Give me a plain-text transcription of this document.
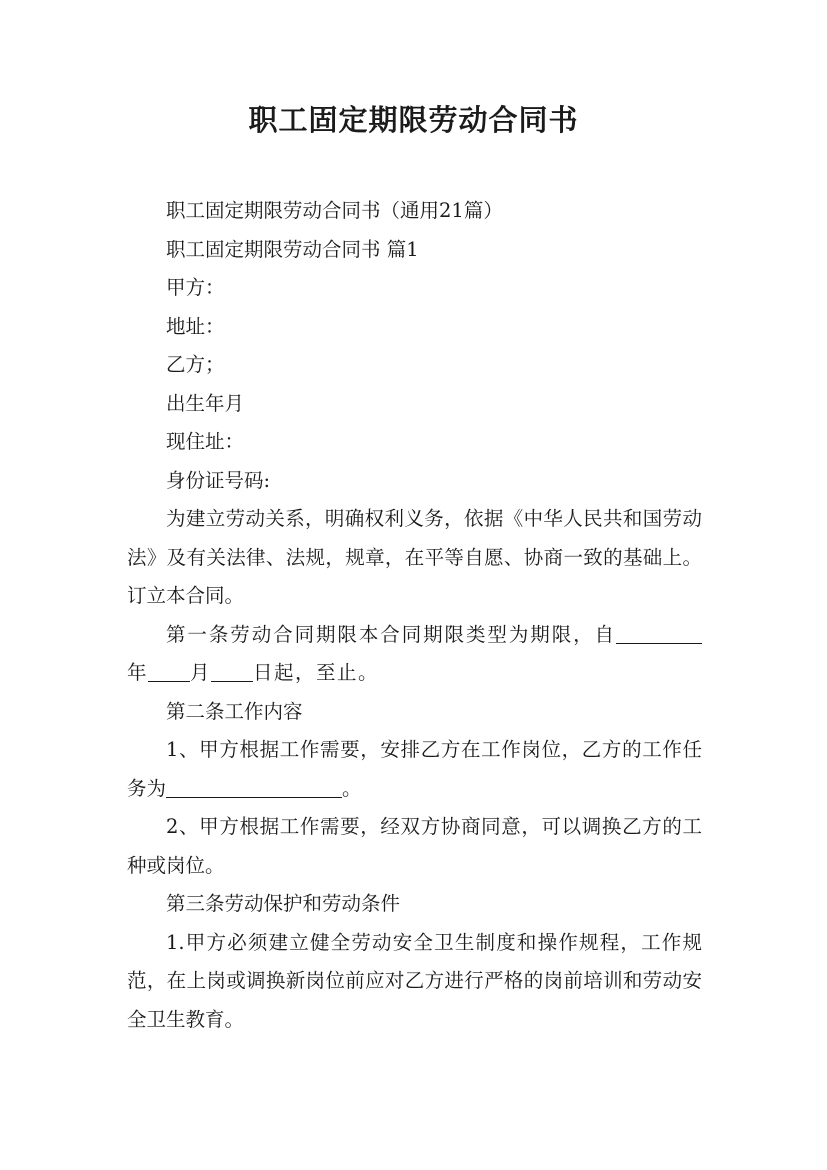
职工固定期限劳动合同书

职工固定期限劳动合同书（通用21篇）

职工固定期限劳动合同书 篇1

甲方：

地址：

乙方；

出生年月

现住址：

身份证号码:

为建立劳动关系，明确权利义务，依据《中华人民共和国劳动法》及有关法律、法规，规章，在平等自愿、协商一致的基础上。订立本合同。

第一条劳动合同期限本合同期限类型为期限，自年 月 日起，至止。

第二条工作内容

1、甲方根据工作需要，安排乙方在工作岗位，乙方的工作任务为	。

2、甲方根据工作需要，经双方协商同意，可以调换乙方的工种或岗位。

第三条劳动保护和劳动条件

1.甲方必须建立健全劳动安全卫生制度和操作规程，工作规范，在上岗或调换新岗位前应对乙方进行严格的岗前培训和劳动安全卫生教育。
